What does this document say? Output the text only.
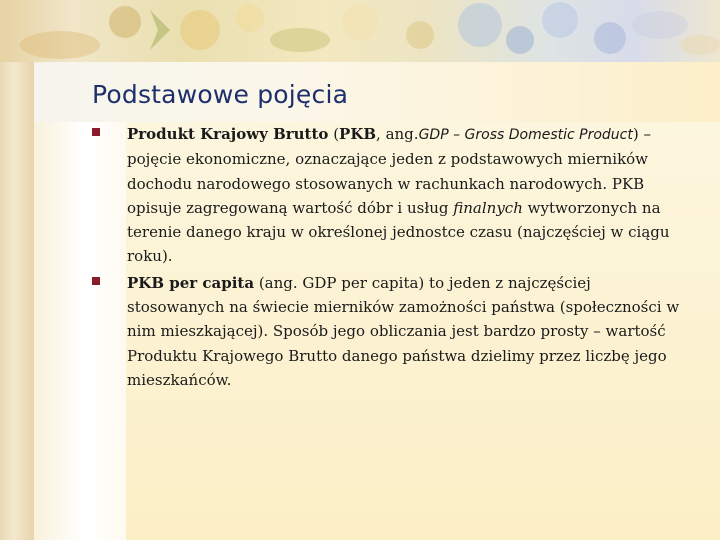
Podstawowe pojęcia
Produkt Krajowy Brutto (PKB, ang.GDP – Gross Domestic Product) – pojęcie ekonomiczne, oznaczające jeden z podstawowych mierników dochodu narodowego stosowanych w rachunkach narodowych. PKB opisuje zagregowaną wartość dóbr i usług finalnych wytworzonych na terenie danego kraju w określonej jednostce czasu (najczęściej w ciągu roku).
PKB per capita (ang. GDP per capita) to jeden z najczęściej stosowanych na świecie mierników zamożności państwa (społeczności w nim mieszkającej). Sposób jego obliczania jest bardzo prosty – wartość Produktu Krajowego Brutto danego państwa dzielimy przez liczbę jego mieszkańców.
